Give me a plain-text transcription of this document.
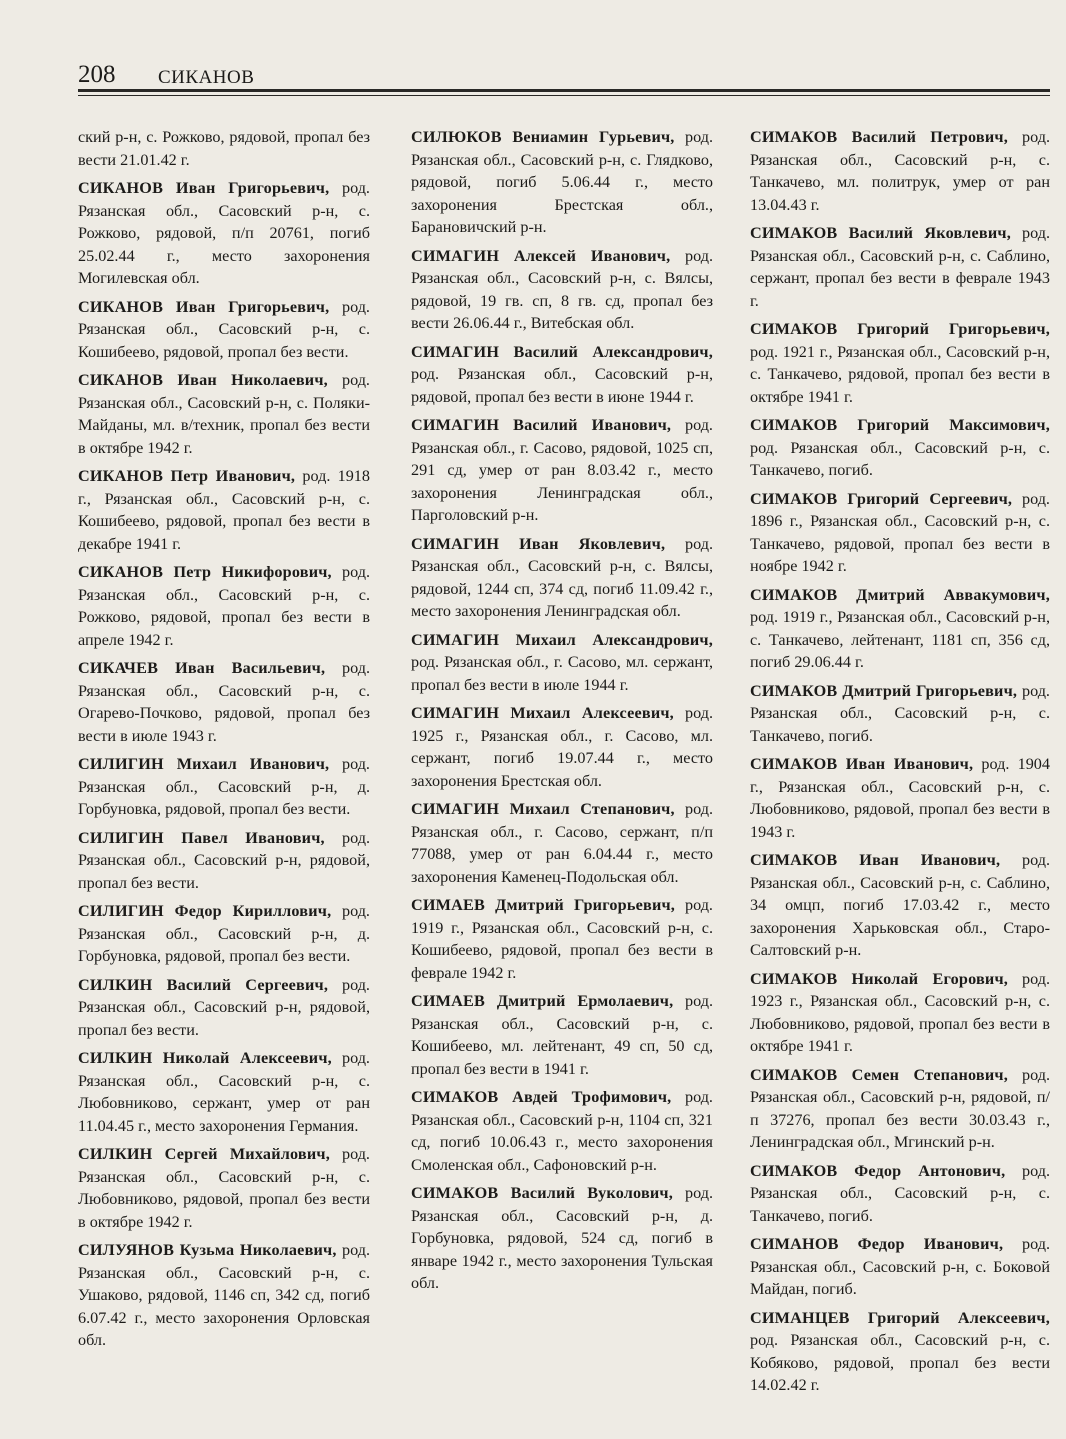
208 СИКАНОВ

ский р-н, с. Рожково, рядовой, пропал без вести 21.01.42 г.

СИКАНОВ Иван Григорьевич, род. Рязанская обл., Сасовский р-н, с. Рожково, рядовой, п/п 20761, погиб 25.02.44 г., место захоронения Могилевская обл.

СИКАНОВ Иван Григорьевич, род. Рязанская обл., Сасовский р-н, с. Кошибеево, рядовой, пропал без вести.

СИКАНОВ Иван Николаевич, род. Рязанская обл., Сасовский р-н, с. Поляки-Майданы, мл. в/техник, пропал без вести в октябре 1942 г.

СИКАНОВ Петр Иванович, род. 1918 г., Рязанская обл., Сасовский р-н, с. Кошибеево, рядовой, пропал без вести в декабре 1941 г.

СИКАНОВ Петр Никифорович, род. Рязанская обл., Сасовский р-н, с. Рожково, рядовой, пропал без вести в апреле 1942 г.

СИКАЧЕВ Иван Васильевич, род. Рязанская обл., Сасовский р-н, с. Огарево-Почково, рядовой, пропал без вести в июле 1943 г.

СИЛИГИН Михаил Иванович, род. Рязанская обл., Сасовский р-н, д. Горбуновка, рядовой, пропал без вести.

СИЛИГИН Павел Иванович, род. Рязанская обл., Сасовский р-н, рядовой, пропал без вести.

СИЛИГИН Федор Кириллович, род. Рязанская обл., Сасовский р-н, д. Горбуновка, рядовой, пропал без вести.

СИЛКИН Василий Сергеевич, род. Рязанская обл., Сасовский р-н, рядовой, пропал без вести.

СИЛКИН Николай Алексеевич, род. Рязанская обл., Сасовский р-н, с. Любовниково, сержант, умер от ран 11.04.45 г., место захоронения Германия.

СИЛКИН Сергей Михайлович, род. Рязанская обл., Сасовский р-н, с. Любовниково, рядовой, пропал без вести в октябре 1942 г.

СИЛУЯНОВ Кузьма Николаевич, род. Рязанская обл., Сасовский р-н, с. Ушаково, рядовой, 1146 сп, 342 сд, погиб 6.07.42 г., место захоронения Орловская обл.

СИЛЮКОВ Вениамин Гурьевич, род. Рязанская обл., Сасовский р-н, с. Глядково, рядовой, погиб 5.06.44 г., место захоронения Брестская обл., Барановичский р-н.

СИМАГИН Алексей Иванович, род. Рязанская обл., Сасовский р-н, с. Вялсы, рядовой, 19 гв. сп, 8 гв. сд, пропал без вести 26.06.44 г., Витебская обл.

СИМАГИН Василий Александрович, род. Рязанская обл., Сасовский р-н, рядовой, пропал без вести в июне 1944 г.

СИМАГИН Василий Иванович, род. Рязанская обл., г. Сасово, рядовой, 1025 сп, 291 сд, умер от ран 8.03.42 г., место захоронения Ленинградская обл., Парголовский р-н.

СИМАГИН Иван Яковлевич, род. Рязанская обл., Сасовский р-н, с. Вялсы, рядовой, 1244 сп, 374 сд, погиб 11.09.42 г., место захоронения Ленинградская обл.

СИМАГИН Михаил Александрович, род. Рязанская обл., г. Сасово, мл. сержант, пропал без вести в июле 1944 г.

СИМАГИН Михаил Алексеевич, род. 1925 г., Рязанская обл., г. Сасово, мл. сержант, погиб 19.07.44 г., место захоронения Брестская обл.

СИМАГИН Михаил Степанович, род. Рязанская обл., г. Сасово, сержант, п/п 77088, умер от ран 6.04.44 г., место захоронения Каменец-Подольская обл.

СИМАЕВ Дмитрий Григорьевич, род. 1919 г., Рязанская обл., Сасовский р-н, с. Кошибеево, рядовой, пропал без вести в феврале 1942 г.

СИМАЕВ Дмитрий Ермолаевич, род. Рязанская обл., Сасовский р-н, с. Кошибеево, мл. лейтенант, 49 сп, 50 сд, пропал без вести в 1941 г.

СИМАКОВ Авдей Трофимович, род. Рязанская обл., Сасовский р-н, 1104 сп, 321 сд, погиб 10.06.43 г., место захоронения Смоленская обл., Сафоновский р-н.

СИМАКОВ Василий Вуколович, род. Рязанская обл., Сасовский р-н, д. Горбуновка, рядовой, 524 сд, погиб в январе 1942 г., место захоронения Тульская обл.

СИМАКОВ Василий Петрович, род. Рязанская обл., Сасовский р-н, с. Танкачево, мл. политрук, умер от ран 13.04.43 г.

СИМАКОВ Василий Яковлевич, род. Рязанская обл., Сасовский р-н, с. Саблино, сержант, пропал без вести в феврале 1943 г.

СИМАКОВ Григорий Григорьевич, род. 1921 г., Рязанская обл., Сасовский р-н, с. Танкачево, рядовой, пропал без вести в октябре 1941 г.

СИМАКОВ Григорий Максимович, род. Рязанская обл., Сасовский р-н, с. Танкачево, погиб.

СИМАКОВ Григорий Сергеевич, род. 1896 г., Рязанская обл., Сасовский р-н, с. Танкачево, рядовой, пропал без вести в ноябре 1942 г.

СИМАКОВ Дмитрий Аввакумович, род. 1919 г., Рязанская обл., Сасовский р-н, с. Танкачево, лейтенант, 1181 сп, 356 сд, погиб 29.06.44 г.

СИМАКОВ Дмитрий Григорьевич, род. Рязанская обл., Сасовский р-н, с. Танкачево, погиб.

СИМАКОВ Иван Иванович, род. 1904 г., Рязанская обл., Сасовский р-н, с. Любовниково, рядовой, пропал без вести в 1943 г.

СИМАКОВ Иван Иванович, род. Рязанская обл., Сасовский р-н, с. Саблино, 34 омцп, погиб 17.03.42 г., место захоронения Харьковская обл., Старо-Салтовский р-н.

СИМАКОВ Николай Егорович, род. 1923 г., Рязанская обл., Сасовский р-н, с. Любовниково, рядовой, пропал без вести в октябре 1941 г.

СИМАКОВ Семен Степанович, род. Рязанская обл., Сасовский р-н, рядовой, п/п 37276, пропал без вести 30.03.43 г., Ленинградская обл., Мгинский р-н.

СИМАКОВ Федор Антонович, род. Рязанская обл., Сасовский р-н, с. Танкачево, погиб.

СИМАНОВ Федор Иванович, род. Рязанская обл., Сасовский р-н, с. Боковой Майдан, погиб.

СИМАНЦЕВ Григорий Алексеевич, род. Рязанская обл., Сасовский р-н, с. Кобяково, рядовой, пропал без вести 14.02.42 г.
